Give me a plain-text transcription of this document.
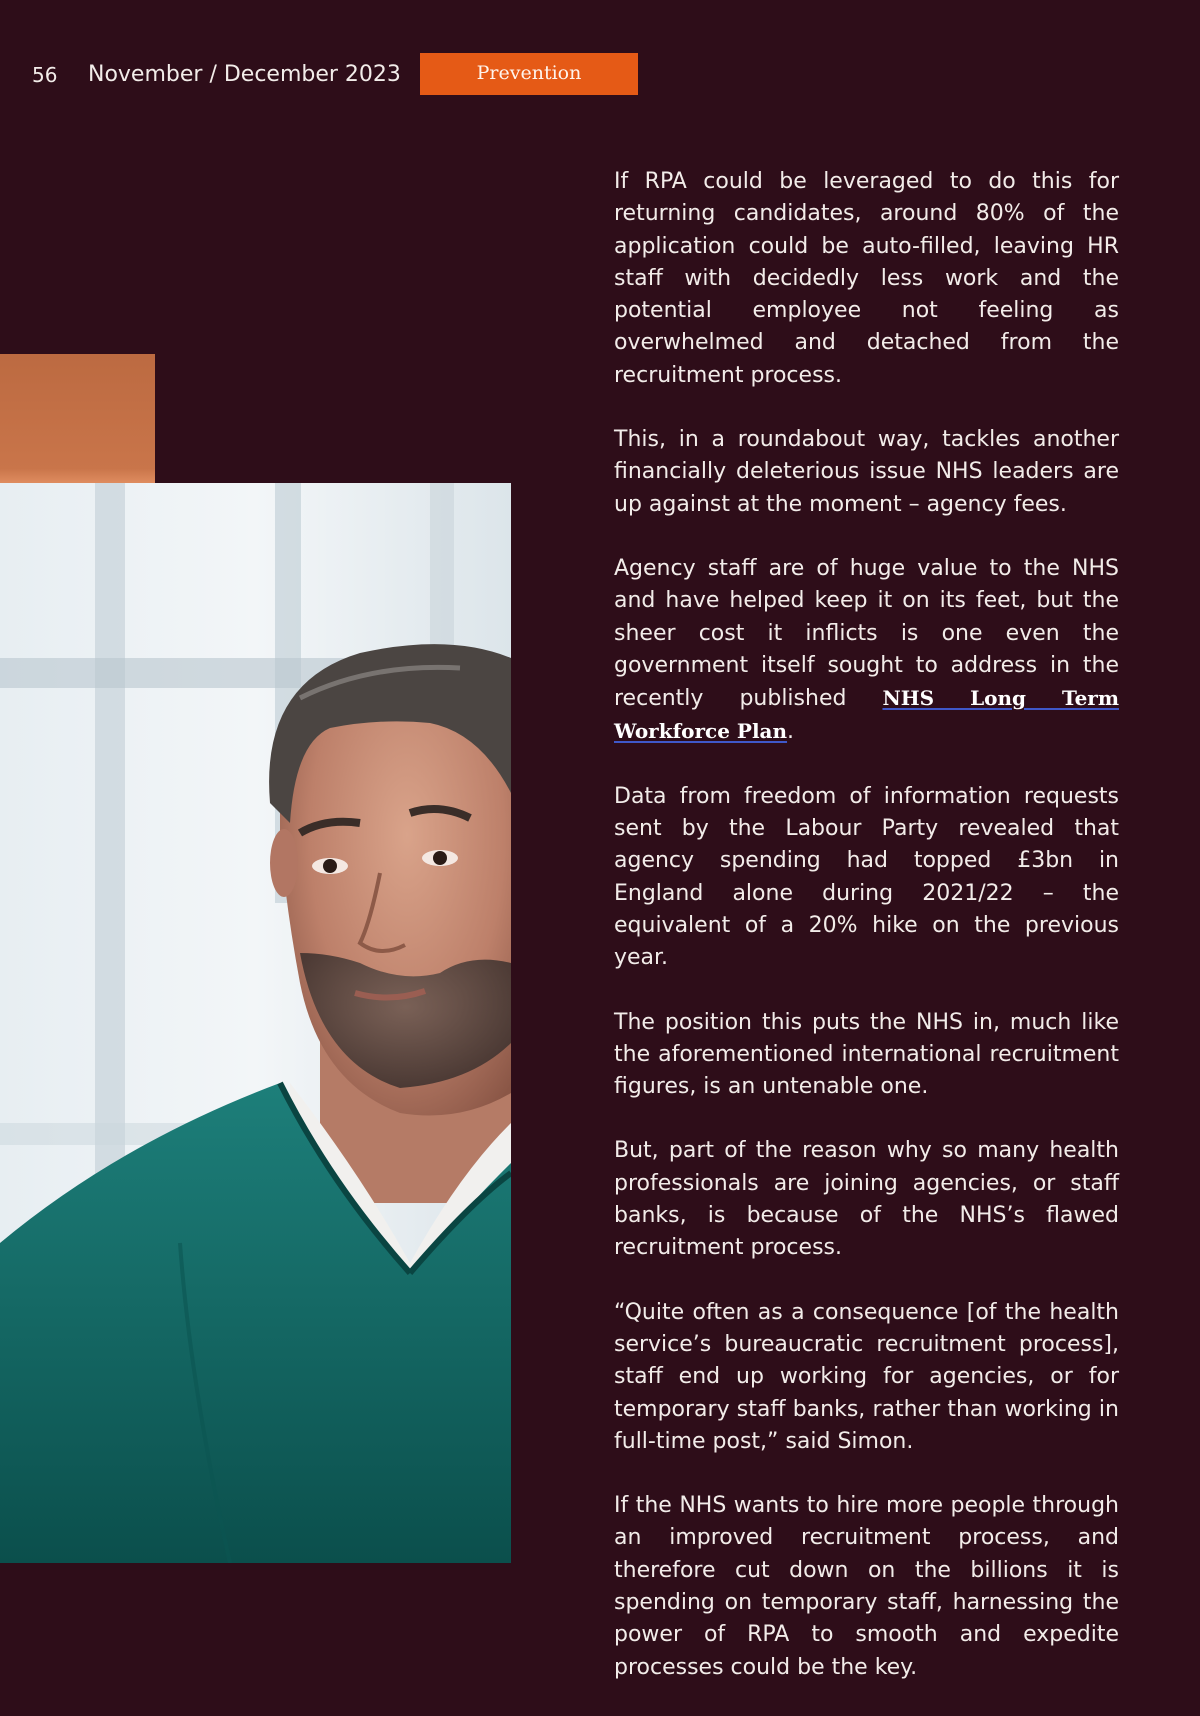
56 November / December 2023	Prevention

If RPA could be leveraged to do this for returning candidates, around 80% of the application could be auto-filled, leaving HR staff with decidedly less work and the potential employee not feeling as overwhelmed and detached from the recruitment process.

This, in a roundabout way, tackles another financially deleterious issue NHS leaders are up against at the moment – agency fees.

Agency staff are of huge value to the NHS and have helped keep it on its feet, but the sheer cost it inflicts is one even the government itself sought to address in the recently published NHS Long Term Workforce Plan.

Data from freedom of information requests sent by the Labour Party revealed that agency spending had topped £3bn in England alone during 2021/22 – the equivalent of a 20% hike on the previous year.

The position this puts the NHS in, much like the aforementioned international recruitment figures, is an untenable one.

But, part of the reason why so many health professionals are joining agencies, or staff banks, is because of the NHS’s flawed recruitment process.

“Quite often as a consequence [of the health service’s bureaucratic recruitment process], staff end up working for agencies, or for temporary staff banks, rather than working in full-time post,” said Simon.

If the NHS wants to hire more people through an improved recruitment process, and therefore cut down on the billions it is spending on temporary staff, harnessing the power of RPA to smooth and expedite processes could be the key.
